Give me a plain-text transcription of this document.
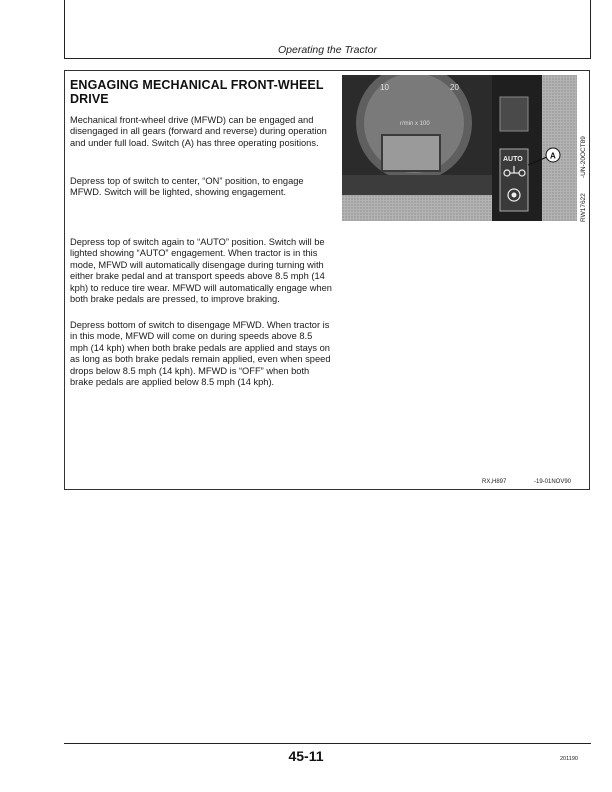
Operating the Tractor
ENGAGING MECHANICAL FRONT-WHEEL DRIVE

Mechanical front-wheel drive (MFWD) can be engaged and disengaged in all gears (forward and reverse) during operation and under full load. Switch (A) has three operating positions.

Depress top of switch to center, “ON” position, to engage MFWD. Switch will be lighted, showing engagement.

Depress top of switch again to “AUTO” position. Switch will be lighted showing “AUTO” engagement. When tractor is in this mode, MFWD will automatically disengage during turning with either brake pedal and at transport speeds above 8.5 mph (14 kph) to reduce tire wear. MFWD will automatically engage when both brake pedals are pressed, to improve braking.

Depress bottom of switch to disengage MFWD. When tractor is in this mode, MFWD will come on during speeds above 8.5 mph (14 kph) when both brake pedals are applied and stays on as long as both brake pedals remain applied, even when speed drops below 8.5 mph (14 kph). MFWD is “OFF” when both brake pedals are applied below 8.5 mph (14 kph).

10	20
r/min x 100
AUTO	A	-UN-20OCT89
RW17622
RX,H897	-19-01NOV90
45-11	201190
